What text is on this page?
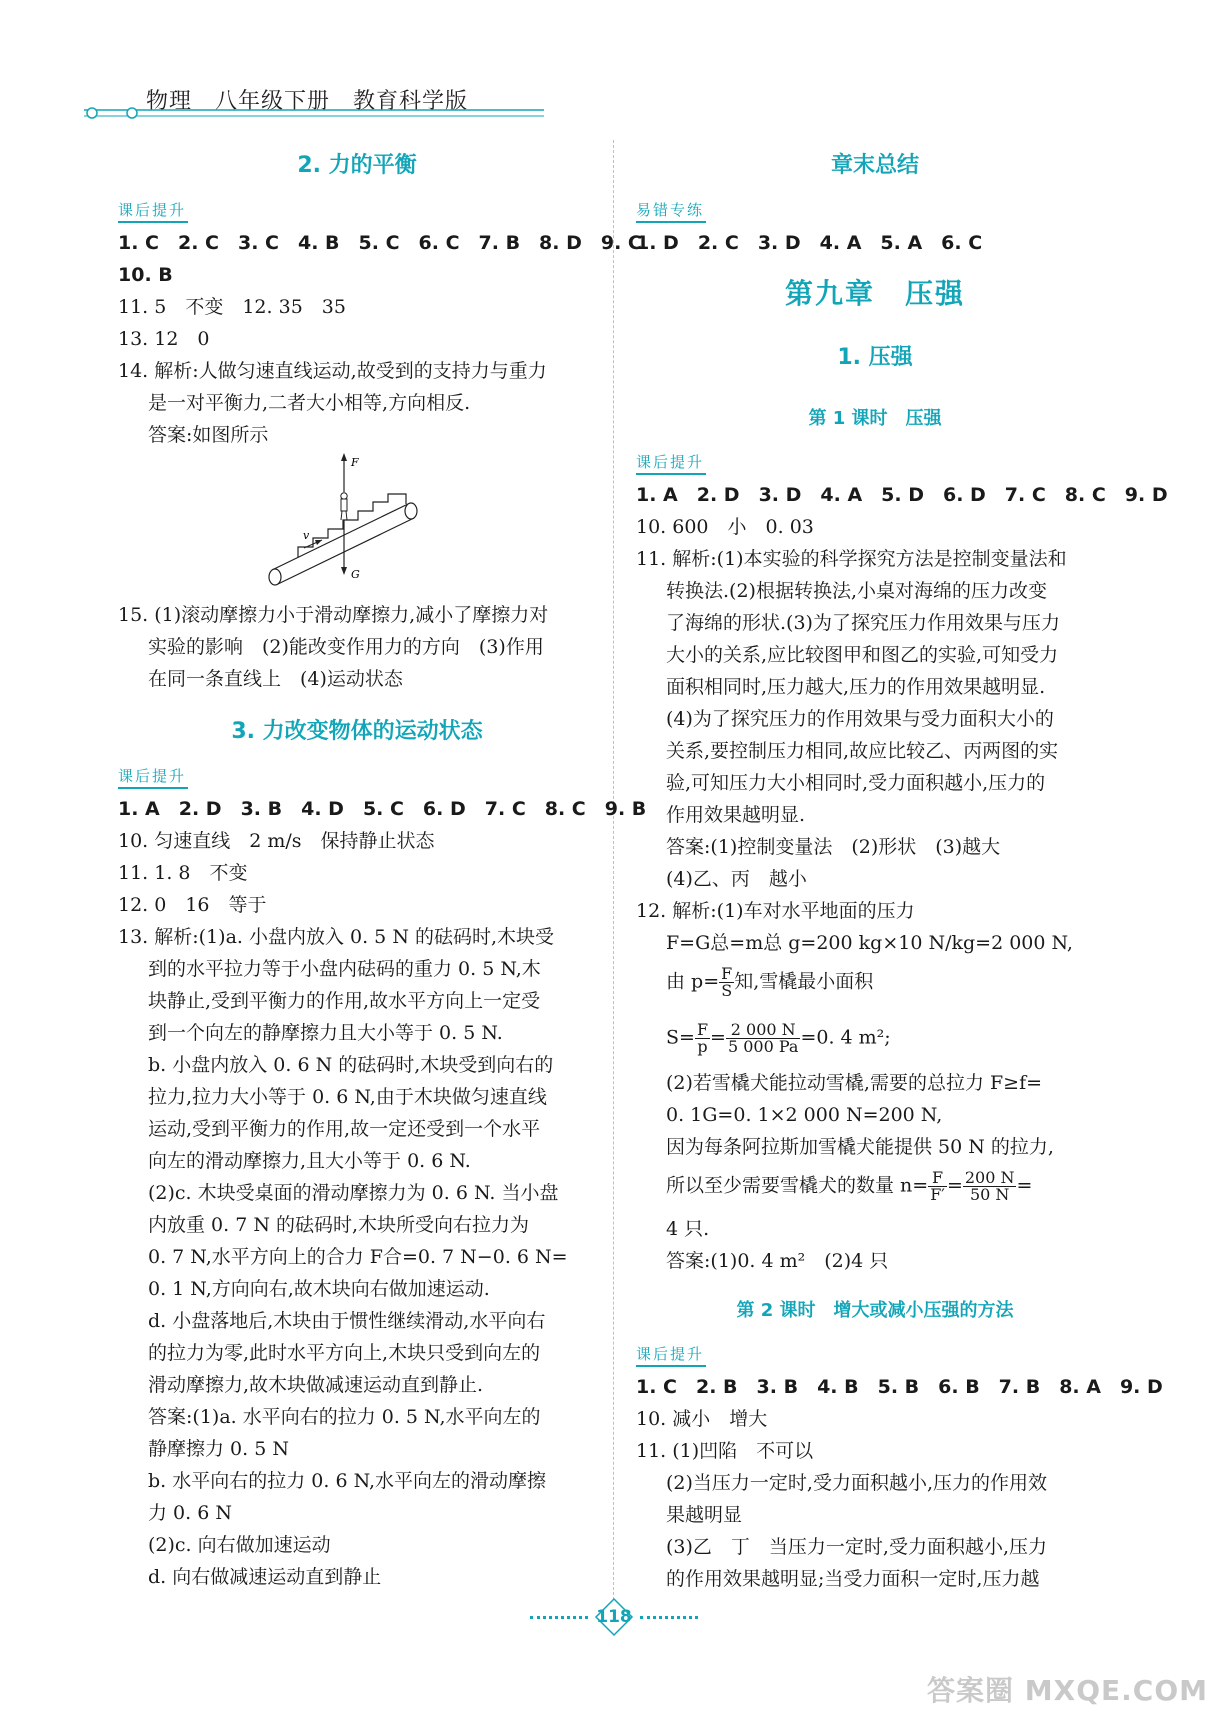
物理　八年级下册　教育科学版
2. 力的平衡
课后提升
1. C　2. C　3. C　4. B　5. C　6. C　7. B　8. D　9. C
10. B
11. 5　不变　12. 35　35
13. 12　0
14. 解析:人做匀速直线运动,故受到的支持力与重力
是一对平衡力,二者大小相等,方向相反.
答案:如图所示
F
G
v
15. (1)滚动摩擦力小于滑动摩擦力,减小了摩擦力对
实验的影响　(2)能改变作用力的方向　(3)作用
在同一条直线上　(4)运动状态
3. 力改变物体的运动状态
课后提升
1. A　2. D　3. B　4. D　5. C　6. D　7. C　8. C　9. B
10. 匀速直线　2 m/s　保持静止状态
11. 1. 8　不变
12. 0　16　等于
13. 解析:(1)a. 小盘内放入 0. 5 N 的砝码时,木块受
到的水平拉力等于小盘内砝码的重力 0. 5 N,木
块静止,受到平衡力的作用,故水平方向上一定受
到一个向左的静摩擦力且大小等于 0. 5 N.
b. 小盘内放入 0. 6 N 的砝码时,木块受到向右的
拉力,拉力大小等于 0. 6 N,由于木块做匀速直线
运动,受到平衡力的作用,故一定还受到一个水平
向左的滑动摩擦力,且大小等于 0. 6 N.
(2)c. 木块受桌面的滑动摩擦力为 0. 6 N. 当小盘
内放重 0. 7 N 的砝码时,木块所受向右拉力为
0. 7 N,水平方向上的合力 F合=0. 7 N−0. 6 N=
0. 1 N,方向向右,故木块向右做加速运动.
d. 小盘落地后,木块由于惯性继续滑动,水平向右
的拉力为零,此时水平方向上,木块只受到向左的
滑动摩擦力,故木块做减速运动直到静止.
答案:(1)a. 水平向右的拉力 0. 5 N,水平向左的
静摩擦力 0. 5 N
b. 水平向右的拉力 0. 6 N,水平向左的滑动摩擦
力 0. 6 N
(2)c. 向右做加速运动
d. 向右做减速运动直到静止
章末总结
易错专练
1. D　2. C　3. D　4. A　5. A　6. C
第九章　压强
1. 压强
第 1 课时　压强
课后提升
1. A　2. D　3. D　4. A　5. D　6. D　7. C　8. C　9. D
10. 600　小　0. 03
11. 解析:(1)本实验的科学探究方法是控制变量法和
转换法.(2)根据转换法,小桌对海绵的压力改变
了海绵的形状.(3)为了探究压力作用效果与压力
大小的关系,应比较图甲和图乙的实验,可知受力
面积相同时,压力越大,压力的作用效果越明显.
(4)为了探究压力的作用效果与受力面积大小的
关系,要控制压力相同,故应比较乙、丙两图的实
验,可知压力大小相同时,受力面积越小,压力的
作用效果越明显.
答案:(1)控制变量法　(2)形状　(3)越大
(4)乙、丙　越小
12. 解析:(1)车对水平地面的压力
F=G总=m总 g=200 kg×10 N/kg=2 000 N,
由 $p= \frac{F}{S}$ 知,雪橇最小面积
$S= \frac{F}{p} = \frac{2 000 N}{5 000 Pa} =0$. 4 m²;
(2)若雪橇犬能拉动雪橇,需要的总拉力 F≥f=
0. 1G=0. 1×2 000 N=200 N,
因为每条阿拉斯加雪橇犬能提供 50 N 的拉力,
所以至少需要雪橇犬的数量 $n= \frac{F}{F'} = \frac{200 N}{50 N}$ =
4 只.
答案:(1)0. 4 m²　(2)4 只
第 2 课时　增大或减小压强的方法
课后提升
1. C　2. B　3. B　4. B　5. B　6. B　7. B　8. A　9. D
10. 减小　增大
11. (1)凹陷　不可以
(2)当压力一定时,受力面积越小,压力的作用效
果越明显
(3)乙　丁　当压力一定时,受力面积越小,压力
的作用效果越明显;当受力面积一定时,压力越
118
答案圈 MXQE.COM
